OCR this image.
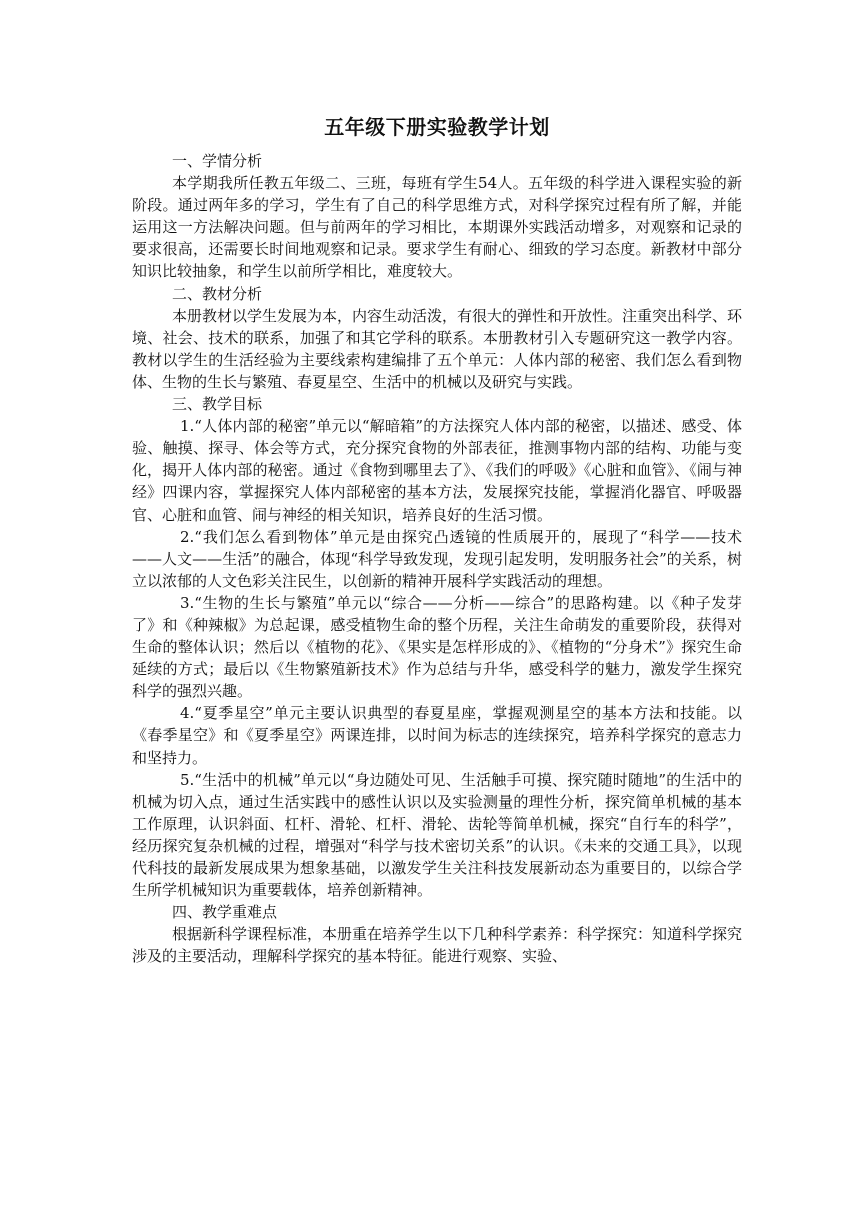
五年级下册实验教学计划

一、学情分析

本学期我所任教五年级二、三班，每班有学生54人。五年级的科学进入课程实验的新阶段。通过两年多的学习，学生有了自己的科学思维方式，对科学探究过程有所了解，并能运用这一方法解决问题。但与前两年的学习相比，本期课外实践活动增多，对观察和记录的要求很高，还需要长时间地观察和记录。要求学生有耐心、细致的学习态度。新教材中部分知识比较抽象，和学生以前所学相比，难度较大。

二、教材分析

本册教材以学生发展为本，内容生动活泼，有很大的弹性和开放性。注重突出科学、环境、社会、技术的联系，加强了和其它学科的联系。本册教材引入专题研究这一教学内容。教材以学生的生活经验为主要线索构建编排了五个单元：人体内部的秘密、我们怎么看到物体、生物的生长与繁殖、春夏星空、生活中的机械以及研究与实践。

三、教学目标

1.“人体内部的秘密”单元以“解暗箱”的方法探究人体内部的秘密，以描述、感受、体验、触摸、探寻、体会等方式，充分探究食物的外部表征，推测事物内部的结构、功能与变化，揭开人体内部的秘密。通过《食物到哪里去了》、《我们的呼吸》《心脏和血管》、《闹与神经》四课内容，掌握探究人体内部秘密的基本方法，发展探究技能，掌握消化器官、呼吸器官、心脏和血管、闹与神经的相关知识，培养良好的生活习惯。

2.“我们怎么看到物体”单元是由探究凸透镜的性质展开的，展现了“科学——技术——人文——生活”的融合，体现“科学导致发现，发现引起发明，发明服务社会”的关系，树立以浓郁的人文色彩关注民生，以创新的精神开展科学实践活动的理想。

3.“生物的生长与繁殖”单元以“综合——分析——综合”的思路构建。以《种子发芽了》和《种辣椒》为总起课，感受植物生命的整个历程，关注生命萌发的重要阶段，获得对生命的整体认识；然后以《植物的花》、《果实是怎样形成的》、《植物的“分身术”》探究生命延续的方式；最后以《生物繁殖新技术》作为总结与升华，感受科学的魅力，激发学生探究科学的强烈兴趣。

4.“夏季星空”单元主要认识典型的春夏星座，掌握观测星空的基本方法和技能。以《春季星空》和《夏季星空》两课连排，以时间为标志的连续探究，培养科学探究的意志力和坚持力。

5.“生活中的机械”单元以“身边随处可见、生活触手可摸、探究随时随地”的生活中的机械为切入点，通过生活实践中的感性认识以及实验测量的理性分析，探究简单机械的基本工作原理，认识斜面、杠杆、滑轮、杠杆、滑轮、齿轮等简单机械，探究“自行车的科学”，经历探究复杂机械的过程，增强对“科学与技术密切关系”的认识。《未来的交通工具》，以现代科技的最新发展成果为想象基础，以激发学生关注科技发展新动态为重要目的，以综合学生所学机械知识为重要载体，培养创新精神。

四、教学重难点

根据新科学课程标准，本册重在培养学生以下几种科学素养：科学探究：知道科学探究涉及的主要活动，理解科学探究的基本特征。能进行观察、实验、
